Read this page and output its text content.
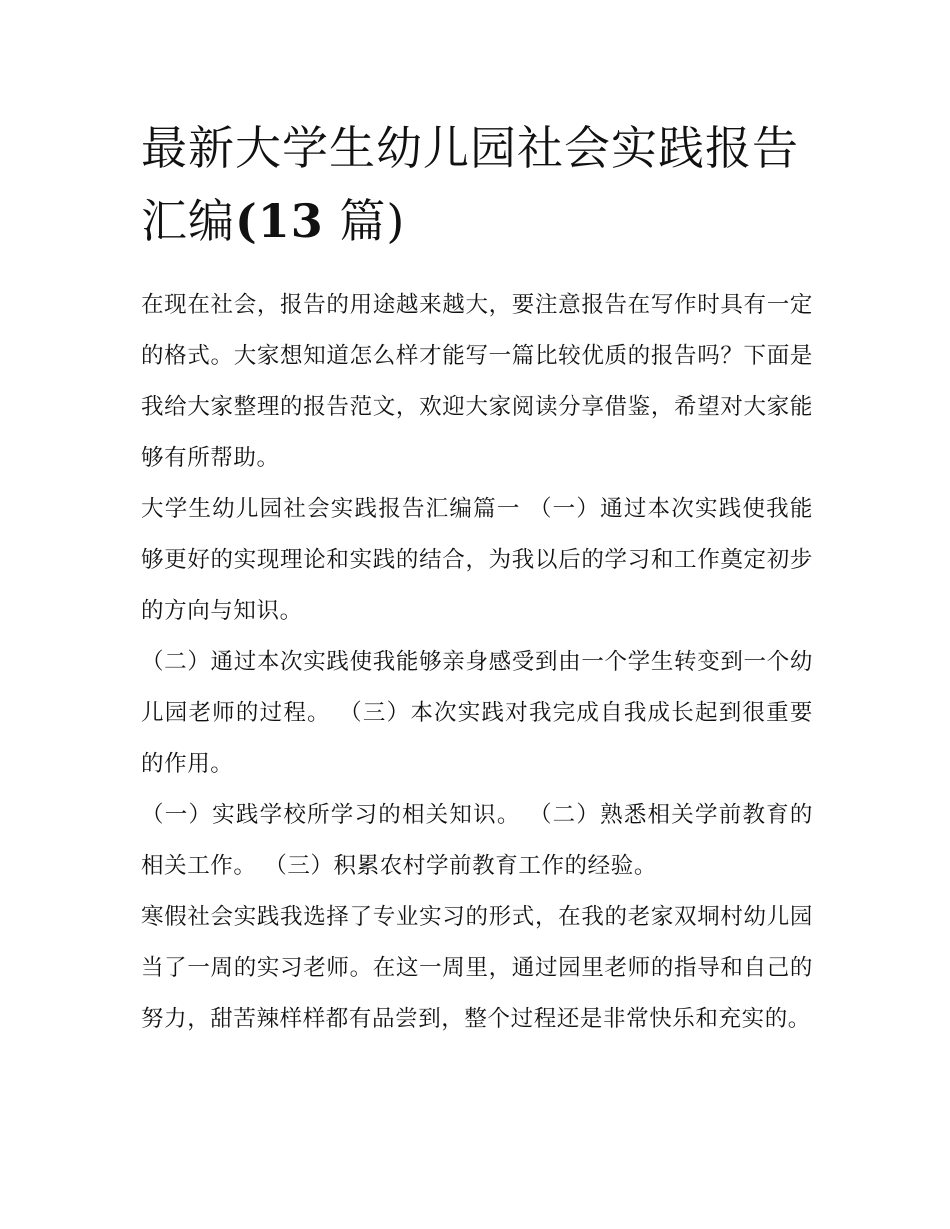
最新大学生幼儿园社会实践报告汇编(13 篇)

在现在社会，报告的用途越来越大，要注意报告在写作时具有一定的格式。大家想知道怎么样才能写一篇比较优质的报告吗？下面是我给大家整理的报告范文，欢迎大家阅读分享借鉴，希望对大家能够有所帮助。

大学生幼儿园社会实践报告汇编篇一 （一）通过本次实践使我能够更好的实现理论和实践的结合，为我以后的学习和工作奠定初步的方向与知识。

（二）通过本次实践使我能够亲身感受到由一个学生转变到一个幼儿园老师的过程。 （三）本次实践对我完成自我成长起到很重要的作用。

（一）实践学校所学习的相关知识。 （二）熟悉相关学前教育的相关工作。 （三）积累农村学前教育工作的经验。

寒假社会实践我选择了专业实习的形式，在我的老家双垌村幼儿园当了一周的实习老师。在这一周里，通过园里老师的指导和自己的努力，甜苦辣样样都有品尝到，整个过程还是非常快乐和充实的。
